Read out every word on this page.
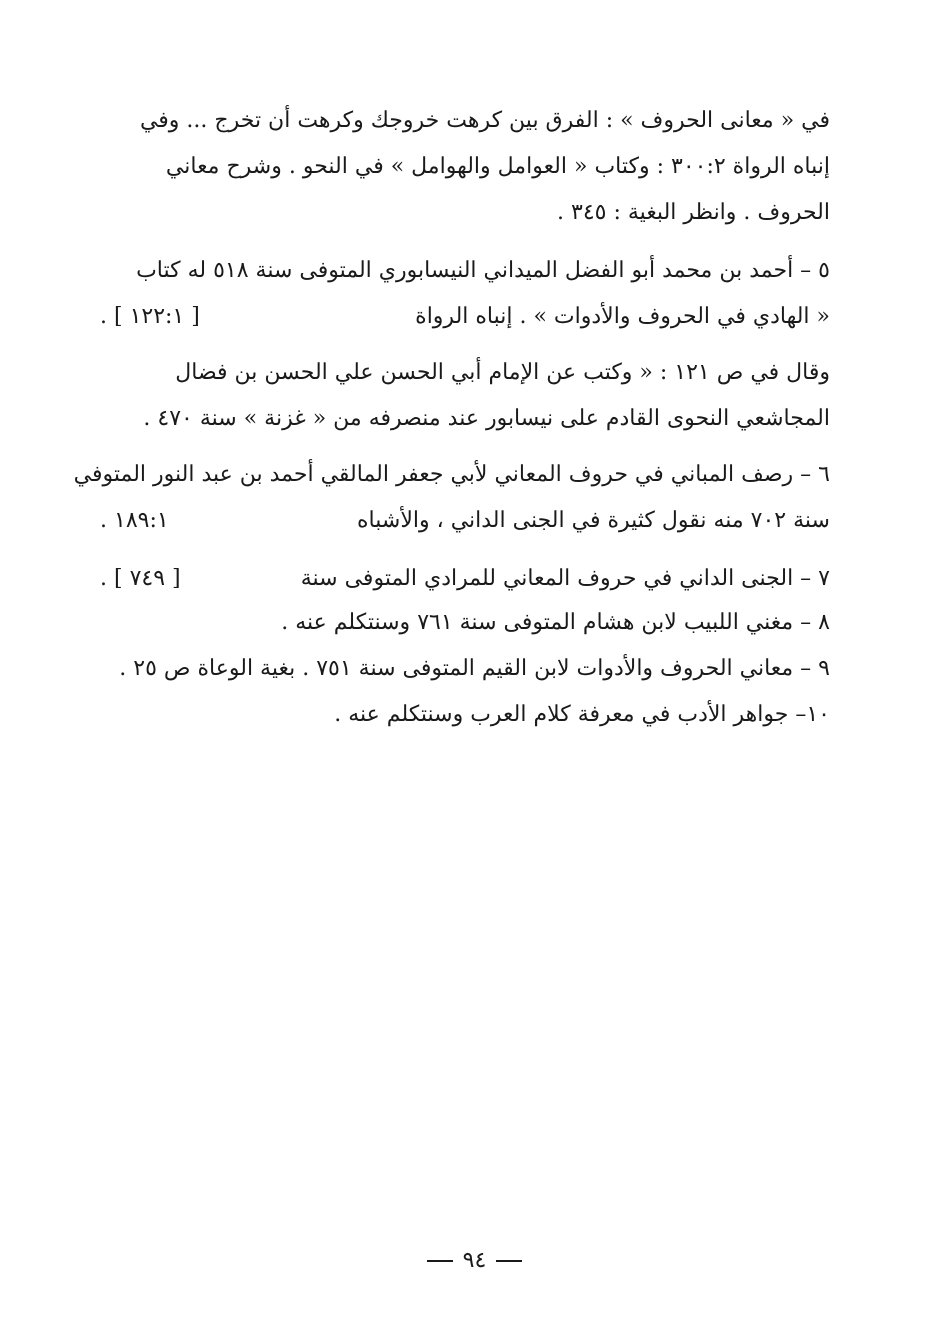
في « معانى الحروف » : الفرق بين كرهت خروجك وكرهت أن تخرج ... وفي
إنباه الرواة ٣٠٠:٢ : وكتاب « العوامل والهوامل » في النحو . وشرح معاني
الحروف . وانظر البغية : ٣٤٥ .
٥ – أحمد بن محمد أبو الفضل الميداني النيسابوري المتوفى سنة ٥١٨ له كتاب
« الهادي في الحروف والأدوات » . إنباه الرواة
[ ١٢٢:١ ] .
وقال في ص ١٢١ : « وكتب عن الإمام أبي الحسن علي الحسن بن فضال
المجاشعي النحوى القادم على نيسابور عند منصرفه من « غزنة » سنة ٤٧٠ .
٦ – رصف المباني في حروف المعاني لأبي جعفر المالقي أحمد بن عبد النور المتوفي
سنة ٧٠٢ منه نقول كثيرة في الجنى الداني ، والأشباه
١٨٩:١ .
٧ – الجنى الداني في حروف المعاني للمرادي المتوفى سنة
[ ٧٤٩ ] .
٨ – مغني اللبيب لابن هشام المتوفى سنة ٧٦١ وسنتكلم عنه .
٩ – معاني الحروف والأدوات لابن القيم المتوفى سنة ٧٥١ . بغية الوعاة ص ٢٥ .
١٠– جواهر الأدب في معرفة كلام العرب وسنتكلم عنه .
٩٤
